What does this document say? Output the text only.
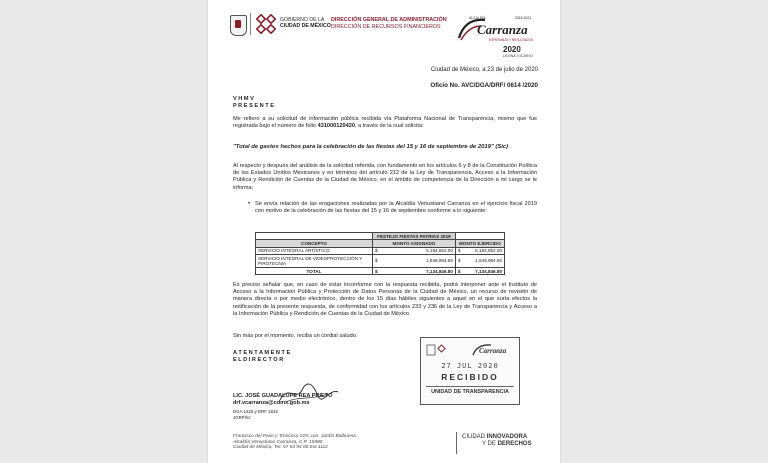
GOBIERNO DE LA
CIUDAD DE MÉXICO
DIRECCIÓN GENERAL DE ADMINISTRACIÓN
DIRECCIÓN DE RECURSOS FINANCIEROS
ALCALDÍA	2018-2021
Carranza
ESPERANZA Y RESULTADOS
2020
LEONA VICARIO
Ciudad de México, a 23 de julio de 2020
Oficio No. AVC/DGA/DRF/ 0614 /2020
V H M V
P R E S E N T E
Me refiero a su solicitud de información pública recibida vía Plataforma Nacional de Transparencia, mismo que fue registrada bajo el número de folio 431000120420, a través de la cual solicita:
"Total de gastos hechos para la celebración de las fiestas del 15 y 16 de septiembre de 2019" (Sic)
Al respecto y después del análisis de la solicitud referida, con fundamento en los artículos 6 y 8 de la Constitución Política de los Estados Unidos Mexicanos y en términos del artículo 212 de la Ley de Transparencia, Acceso a la Información Pública y Rendición de Cuentas de la Ciudad de México, en el ámbito de competencia de la Dirección a mi cargo se le informa:
• Se envía relación de las erogaciones realizadas por la Alcaldía Venustiano Carranza en el ejercicio fiscal 2019 con motivo de la celebración de las fiestas del 15 y 16 de septiembre conforme a lo siguiente:
	FESTEJO FIESTAS PATRIAS 2019			
CONCEPTO	MONTO ASIGNADO		MONTO EJERCIDO	
SERVICIO INTEGRAL ARTÍSTICO	$	5,184,852.00	$	5,184,852.00
SERVICIO INTEGRAL DE VIDEOPROYECCIÓN Y PIROTECNIA	$	1,949,994.80	$	1,949,994.80
TOTAL	$	7,134,846.80	$	7,134,846.80
Es preciso señalar que, en caso de estar inconforme con la respuesta recibida, podrá interponer ante el Instituto de Acceso a la Información Pública y Protección de Datos Personas de la Ciudad de México, un recurso de revisión de manera directa o por medio electrónico, dentro de los 15 días hábiles siguientes a aquel en el que surta efectos la notificación de la presente respuesta, de conformidad con los artículos 233 y 236 de la Ley de Transparencia y Acceso a la Información Pública y Rendición de Cuentas de la Ciudad de México.
Sin más por el momento, reciba un cordial saludo.
A T E N T A M E N T E
E L D I R E C T O R
LIC. JOSÉ GUADALUPE REA PRIETO
drf.vcarranza@cdmx.gob.mx
DGA 1420 y DRF 1632
JGRP/lcr
Carranza
27 JUL 2020
RECIBIDO
UNIDAD DE TRANSPARENCIA
Francisco del Paso y Troncoso 219, con. Jardín Balbuena,
Alcaldía Venustiano Carranza, C.P. 15900
Ciudad de México, Tel. 57 64 94 00 Ext.1112
CIUDAD INNOVADORA
Y DE DERECHOS
